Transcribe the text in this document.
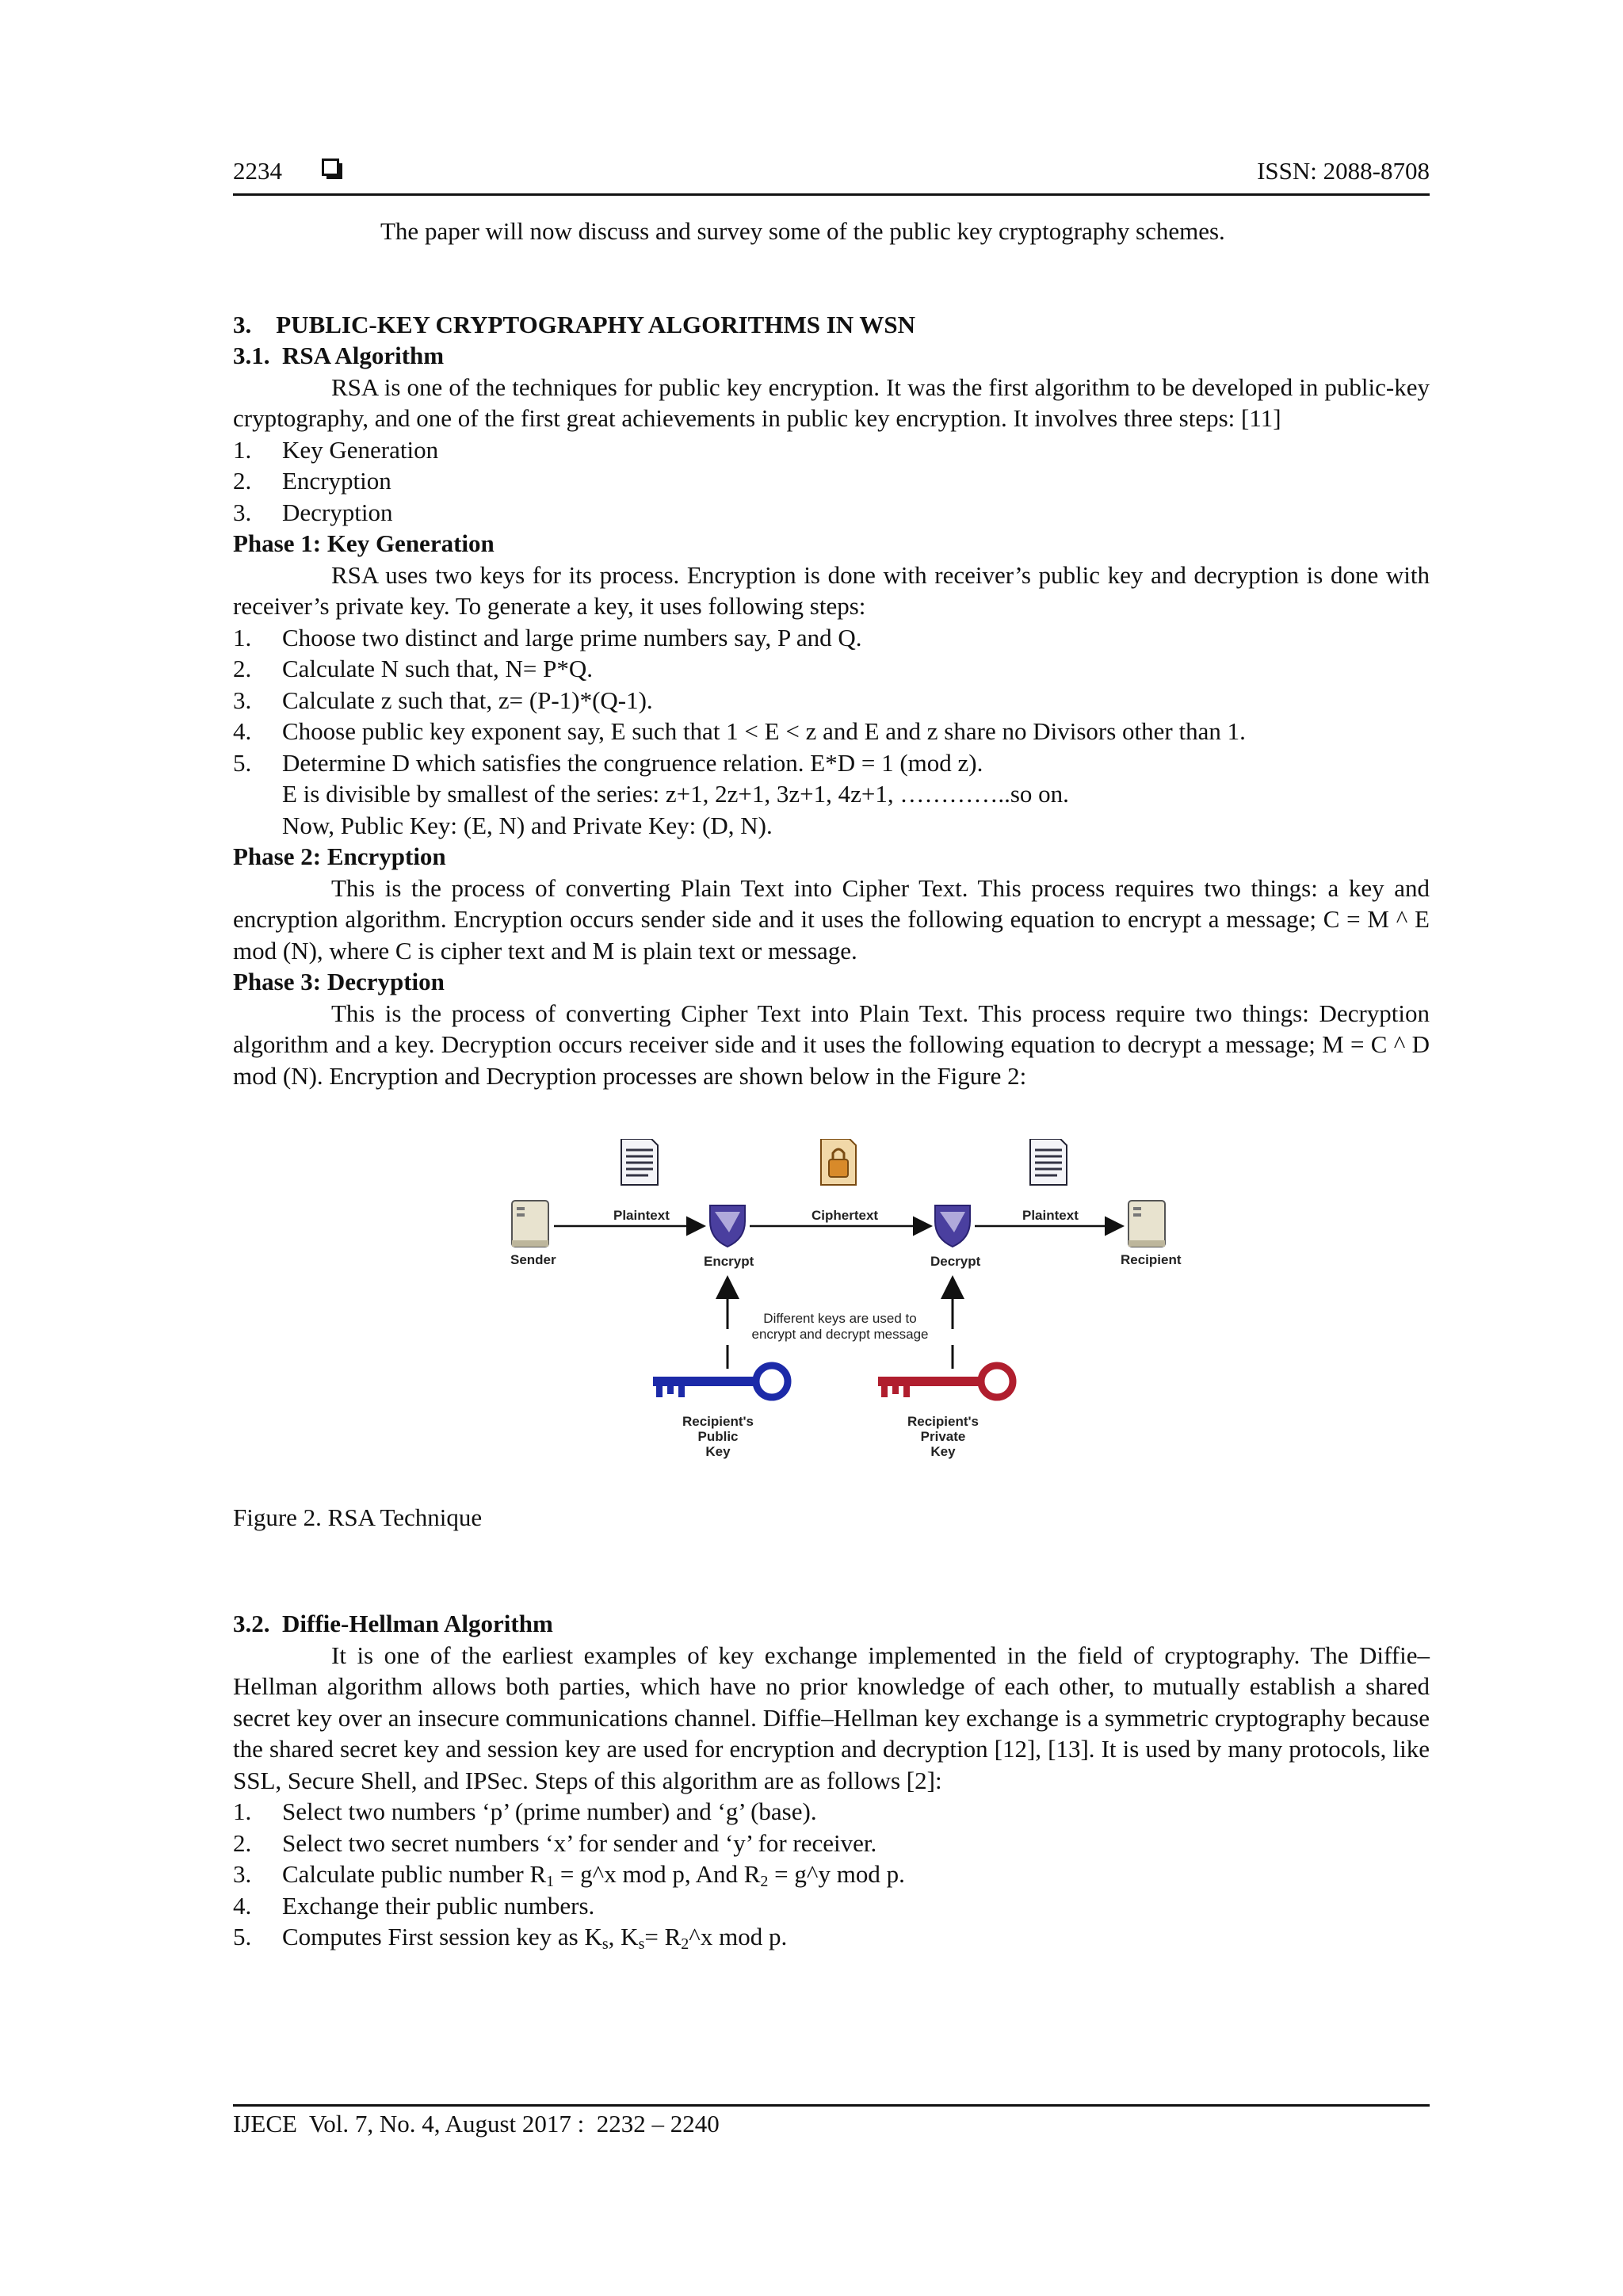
2234	ISSN: 2088-8708

The paper will now discuss and survey some of the public key cryptography schemes.

3.    PUBLIC-KEY CRYPTOGRAPHY ALGORITHMS IN WSN

3.1.  RSA Algorithm

RSA is one of the techniques for public key encryption. It was the first algorithm to be developed in public-key cryptography, and one of the first great achievements in public key encryption. It involves three steps: [11]

1. Key Generation
2. Encryption
3. Decryption

Phase 1: Key Generation

RSA uses two keys for its process. Encryption is done with receiver’s public key and decryption is done with receiver’s private key. To generate a key, it uses following steps:

1. Choose two distinct and large prime numbers say, P and Q.
2. Calculate N such that, N= P*Q.
3. Calculate z such that, z= (P-1)*(Q-1).
4. Choose public key exponent say, E such that 1 < E < z and E and z share no Divisors other than 1.
5. Determine D which satisfies the congruence relation. E*D = 1 (mod z).

E is divisible by smallest of the series: z+1, 2z+1, 3z+1, 4z+1, …………..so on.

Now, Public Key: (E, N) and Private Key: (D, N).

Phase 2: Encryption

This is the process of converting Plain Text into Cipher Text. This process requires two things: a key and encryption algorithm. Encryption occurs sender side and it uses the following equation to encrypt a message; C = M ^ E mod (N), where C is cipher text and M is plain text or message.

Phase 3: Decryption

This is the process of converting Cipher Text into Plain Text. This process require two things: Decryption algorithm and a key. Decryption occurs receiver side and it uses the following equation to decrypt a message; M = C ^ D mod (N). Encryption and Decryption processes are shown below in the Figure 2:

Sender
Plaintext
Encrypt
Ciphertext
Decrypt
Plaintext
Recipient
Different keys are used to
encrypt and decrypt message
Recipient's
Public
Key
Recipient's
Private
Key

Figure 2. RSA Technique

3.2.  Diffie-Hellman Algorithm

It is one of the earliest examples of key exchange implemented in the field of cryptography. The Diffie–Hellman algorithm allows both parties, which have no prior knowledge of each other, to mutually establish a shared secret key over an insecure communications channel. Diffie–Hellman key exchange is a symmetric cryptography because the shared secret key and session key are used for encryption and decryption [12], [13]. It is used by many protocols, like SSL, Secure Shell, and IPSec. Steps of this algorithm are as follows [2]:

1. Select two numbers ‘p’ (prime number) and ‘g’ (base).
2. Select two secret numbers ‘x’ for sender and ‘y’ for receiver.
3. Calculate public number $R_1$ = g^x mod p, And $R_2$ = g^y mod p.
4. Exchange their public numbers.
5. Computes First session key as $K_s$, $K_s=$ $R_2\^{}x$ mod p.
IJECE  Vol. 7, No. 4, August 2017 :  2232 – 2240
